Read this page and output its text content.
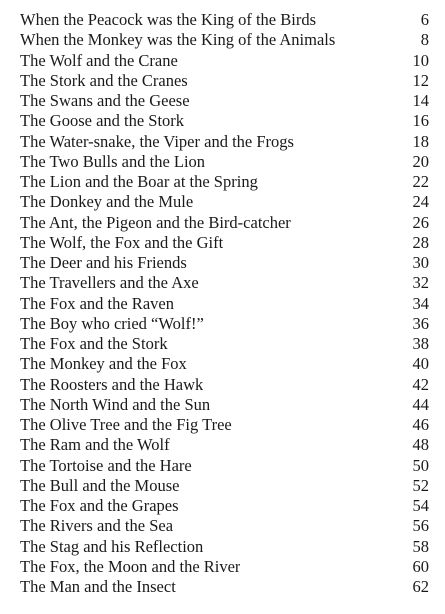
When the Peacock was the King of the Birds	6
When the Monkey was the King of the Animals	8
The Wolf and the Crane	10
The Stork and the Cranes	12
The Swans and the Geese	14
The Goose and the Stork	16
The Water-snake, the Viper and the Frogs	18
The Two Bulls and the Lion	20
The Lion and the Boar at the Spring	22
The Donkey and the Mule	24
The Ant, the Pigeon and the Bird-catcher	26
The Wolf, the Fox and the Gift	28
The Deer and his Friends	30
The Travellers and the Axe	32
The Fox and the Raven	34
The Boy who cried “Wolf!”	36
The Fox and the Stork	38
The Monkey and the Fox	40
The Roosters and the Hawk	42
The North Wind and the Sun	44
The Olive Tree and the Fig Tree	46
The Ram and the Wolf	48
The Tortoise and the Hare	50
The Bull and the Mouse	52
The Fox and the Grapes	54
The Rivers and the Sea	56
The Stag and his Reflection	58
The Fox, the Moon and the River	60
The Man and the Insect	62
